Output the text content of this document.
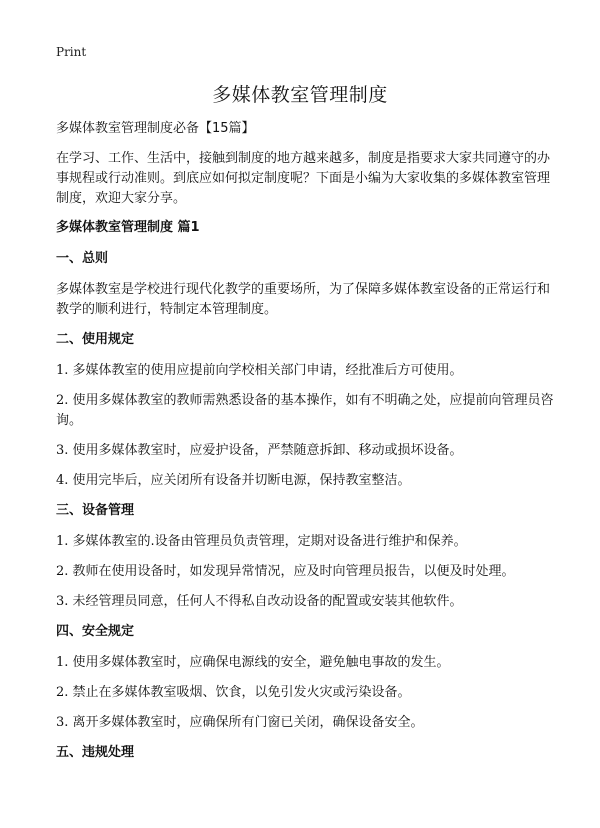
Print
多媒体教室管理制度

多媒体教室管理制度必备【15篇】

在学习、工作、生活中，接触到制度的地方越来越多，制度是指要求大家共同遵守的办事规程或行动准则。到底应如何拟定制度呢？下面是小编为大家收集的多媒体教室管理制度，欢迎大家分享。

多媒体教室管理制度 篇1
一、总则

多媒体教室是学校进行现代化教学的重要场所，为了保障多媒体教室设备的正常运行和教学的顺利进行，特制定本管理制度。

二、使用规定

1. 多媒体教室的使用应提前向学校相关部门申请，经批准后方可使用。

2. 使用多媒体教室的教师需熟悉设备的基本操作，如有不明确之处，应提前向管理员咨询。

3. 使用多媒体教室时，应爱护设备，严禁随意拆卸、移动或损坏设备。

4. 使用完毕后，应关闭所有设备并切断电源，保持教室整洁。

三、设备管理

1. 多媒体教室的.设备由管理员负责管理，定期对设备进行维护和保养。

2. 教师在使用设备时，如发现异常情况，应及时向管理员报告，以便及时处理。

3. 未经管理员同意，任何人不得私自改动设备的配置或安装其他软件。

四、安全规定

1. 使用多媒体教室时，应确保电源线的安全，避免触电事故的发生。

2. 禁止在多媒体教室吸烟、饮食，以免引发火灾或污染设备。

3. 离开多媒体教室时，应确保所有门窗已关闭，确保设备安全。

五、违规处理
